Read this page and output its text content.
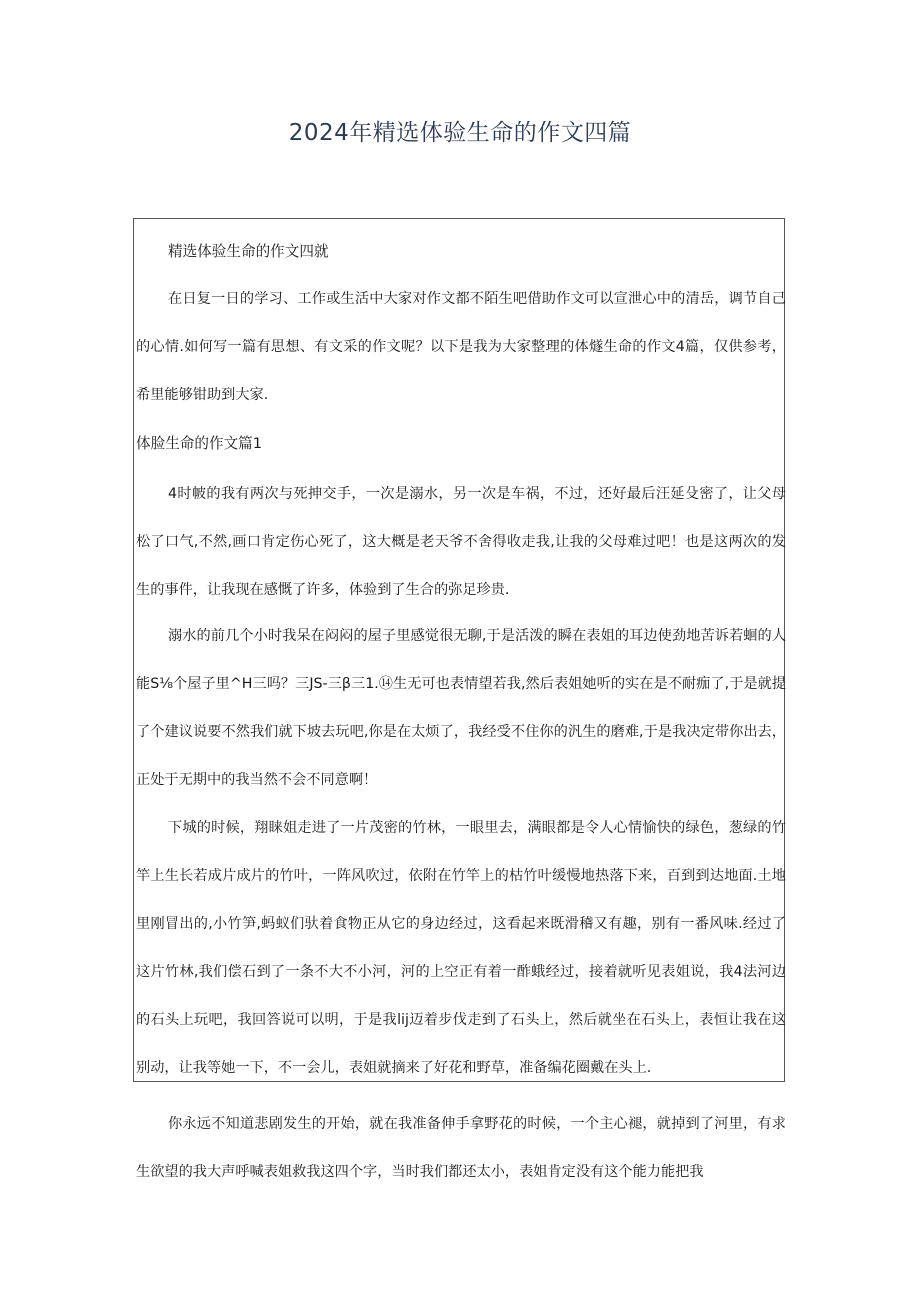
2024年精选体验生命的作文四篇

精选体验生命的作文四就

在日复一日的学习、工作或生活中大家对作文都不陌生吧借助作文可以宣泄心中的清岳，调节自己的心情.如何写一篇有思想、有文采的作文呢？以下是我为大家整理的体燧生命的作文4篇，仅供参考，希里能够钳助到大家.

体脸生命的作文篇1

4时帔的我有两次与死抻交手，一次是溺水，另一次是车祸，不过，还好最后汪延殳密了，让父母松了口气,不然,画口肯定伤心死了，这大概是老天爷不舍得收走我,让我的父母难过吧！也是这两次的发生的事件，让我现在感慨了许多，体验到了生合的弥足珍贵.

溺水的前几个小时我呆在闷闷的屋子里感觉很无聊,于是活泼的瞬在表姐的耳边使劲地苦诉若蛔的人能S⅛个屋子里^H三吗？三JS-三β三1.⑭生无可也表情望若我,然后表姐她听的实在是不耐痂了,于是就提了个建议说要不然我们就下坡去玩吧,你是在太烦了，我经受不住你的汎生的磨难,于是我决定带你出去，正处于无期中的我当然不会不同意啊！

下城的时候，翔睐姐走进了一片茂密的竹林，一眼里去，满眼都是令人心情愉快的绿色，葱绿的竹竿上生长若成片成片的竹叶，一阵风吹过，依附在竹竿上的枯竹叶缓慢地热落下来，百到到达地面.土地里刚冒出的,小竹笋,蚂蚁们驮着食物正从它的身边经过，这看起来既滑稽又有趣，别有一番风味.经过了这片竹林,我们偿石到了一条不大不小河，河的上空正有着一酢蛾经过，接着就听见表姐说，我4法河边的石头上玩吧，我回答说可以明，于是我lij迈着步伐走到了石头上，然后就坐在石头上，表恒让我在这别动，让我等她一下，不一会儿，表姐就摘来了好花和野草，准备编花圈戴在头上.

你永远不知道悲剧发生的开始，就在我准备伸手拿野花的时候，一个主心褪，就掉到了河里，有求生欲望的我大声呼喊表姐救我这四个字，当时我们都还太小，表姐肯定没有这个能力能把我
